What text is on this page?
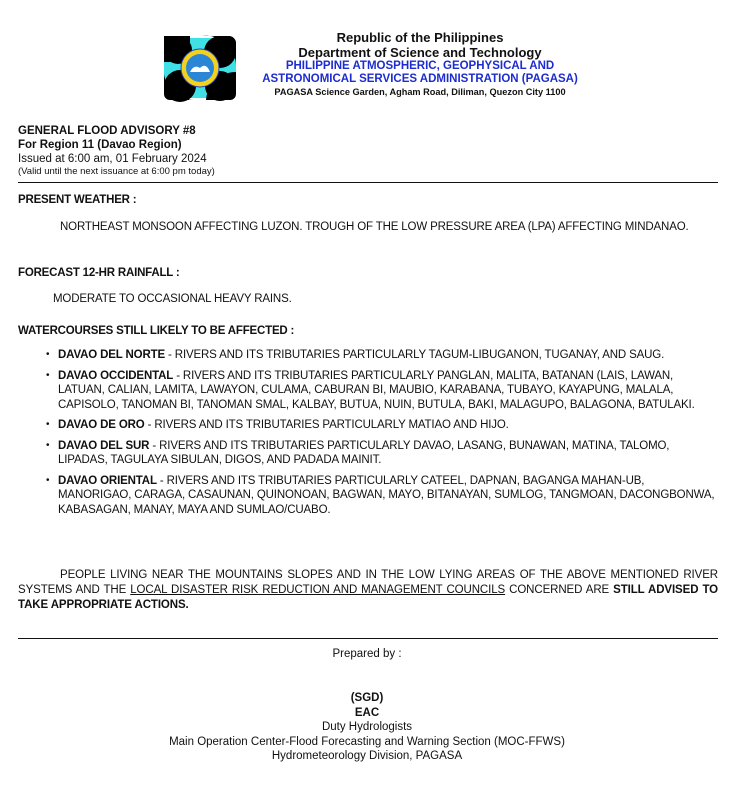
Republic of the Philippines
Department of Science and Technology
PHILIPPINE ATMOSPHERIC, GEOPHYSICAL AND
ASTRONOMICAL SERVICES ADMINISTRATION (PAGASA)
PAGASA Science Garden, Agham Road, Diliman, Quezon City 1100
GENERAL FLOOD ADVISORY #8
For Region 11 (Davao Region)
Issued at 6:00 am, 01 February 2024
(Valid until the next issuance at 6:00 pm today)
PRESENT WEATHER :
NORTHEAST MONSOON AFFECTING LUZON. TROUGH OF THE LOW PRESSURE AREA (LPA) AFFECTING MINDANAO.
FORECAST 12-HR RAINFALL :
MODERATE TO OCCASIONAL HEAVY RAINS.
WATERCOURSES STILL LIKELY TO BE AFFECTED :
• DAVAO DEL NORTE - RIVERS AND ITS TRIBUTARIES PARTICULARLY TAGUM-LIBUGANON, TUGANAY, AND SAUG.
• DAVAO OCCIDENTAL - RIVERS AND ITS TRIBUTARIES PARTICULARLY PANGLAN, MALITA, BATANAN (LAIS, LAWAN, LATUAN, CALIAN, LAMITA, LAWAYON, CULAMA, CABURAN BI, MAUBIO, KARABANA, TUBAYO, KAYAPUNG, MALALA, CAPISOLO, TANOMAN BI, TANOMAN SMAL, KALBAY, BUTUA, NUIN, BUTULA, BAKI, MALAGUPO, BALAGONA, BATULAKI.
• DAVAO DE ORO - RIVERS AND ITS TRIBUTARIES PARTICULARLY MATIAO AND HIJO.
• DAVAO DEL SUR - RIVERS AND ITS TRIBUTARIES PARTICULARLY DAVAO, LASANG, BUNAWAN, MATINA, TALOMO, LIPADAS, TAGULAYA SIBULAN, DIGOS, AND PADADA MAINIT.
• DAVAO ORIENTAL - RIVERS AND ITS TRIBUTARIES PARTICULARLY CATEEL, DAPNAN, BAGANGA MAHAN-UB, MANORIGAO, CARAGA, CASAUNAN, QUINONOAN, BAGWAN, MAYO, BITANAYAN, SUMLOG, TANGMOAN, DACONGBONWA, KABASAGAN, MANAY, MAYA AND SUMLAO/CUABO.
PEOPLE LIVING NEAR THE MOUNTAINS SLOPES AND IN THE LOW LYING AREAS OF THE ABOVE MENTIONED RIVER SYSTEMS AND THE LOCAL DISASTER RISK REDUCTION AND MANAGEMENT COUNCILS CONCERNED ARE STILL ADVISED TO TAKE APPROPRIATE ACTIONS.
Prepared by :
(SGD)
EAC
Duty Hydrologists
Main Operation Center-Flood Forecasting and Warning Section (MOC-FFWS)
Hydrometeorology Division, PAGASA
